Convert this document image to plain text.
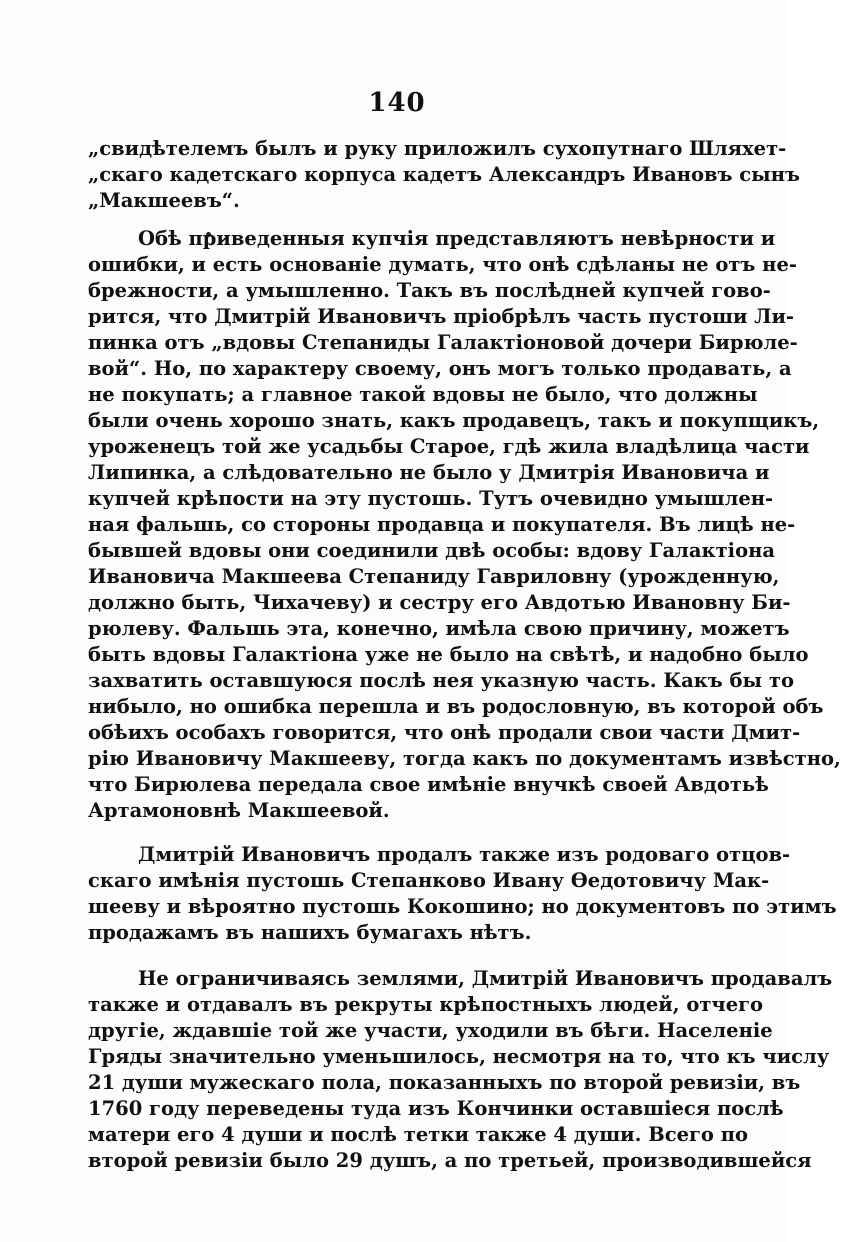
140
„свидѣтелемъ былъ и руку приложилъ сухопутнаго Шляхет-
„скаго кадетскаго корпуса кадетъ Александръ Ивановъ сынъ
„Макшеевъ“.
Обѣ приведенныя купчія представляютъ невѣрности и
ошибки, и есть основаніе думать, что онѣ сдѣланы не отъ не-
брежности, а умышленно. Такъ въ послѣдней купчей гово-
рится, что Дмитрій Ивановичъ пріобрѣлъ часть пустоши Ли-
пинка отъ „вдовы Степаниды Галактіоновой дочери Бирюле-
вой“. Но, по характеру своему, онъ могъ только продавать, а
не покупать; а главное такой вдовы не было, что должны
были очень хорошо знать, какъ продавецъ, такъ и покупщикъ,
уроженецъ той же усадьбы Старое, гдѣ жила владѣлица части
Липинка, а слѣдовательно не было у Дмитрія Ивановича и
купчей крѣпости на эту пустошь. Тутъ очевидно умышлен-
ная фальшь, со стороны продавца и покупателя. Въ лицѣ не-
бывшей вдовы они соединили двѣ особы: вдову Галактіона
Ивановича Макшеева Степаниду Гавриловну (урожденную,
должно быть, Чихачеву) и сестру его Авдотью Ивановну Би-
рюлеву. Фальшь эта, конечно, имѣла свою причину, можетъ
быть вдовы Галактіона уже не было на свѣтѣ, и надобно было
захватить оставшуюся послѣ нея указную часть. Какъ бы то
нибыло, но ошибка перешла и въ родословную, въ которой объ
обѣихъ особахъ говорится, что онѣ продали свои части Дмит-
рію Ивановичу Макшееву, тогда какъ по документамъ извѣстно,
что Бирюлева передала свое имѣніе внучкѣ своей Авдотьѣ
Артамоновнѣ Макшеевой.
Дмитрій Ивановичъ продалъ также изъ родоваго отцов-
скаго имѣнія пустошь Степанково Ивану Ѳедотовичу Мак-
шееву и вѣроятно пустошь Кокошино; но документовъ по этимъ
продажамъ въ нашихъ бумагахъ нѣтъ.
Не ограничиваясь землями, Дмитрій Ивановичъ продавалъ
также и отдавалъ въ рекруты крѣпостныхъ людей, отчего
другіе, ждавшіе той же участи, уходили въ бѣги. Населеніе
Гряды значительно уменьшилось, несмотря на то, что къ числу
21 души мужескаго пола, показанныхъ по второй ревизіи, въ
1760 году переведены туда изъ Кончинки оставшіеся послѣ
матери его 4 души и послѣ тетки также 4 души. Всего по
второй ревизіи было 29 душъ, а по третьей, производившейся
